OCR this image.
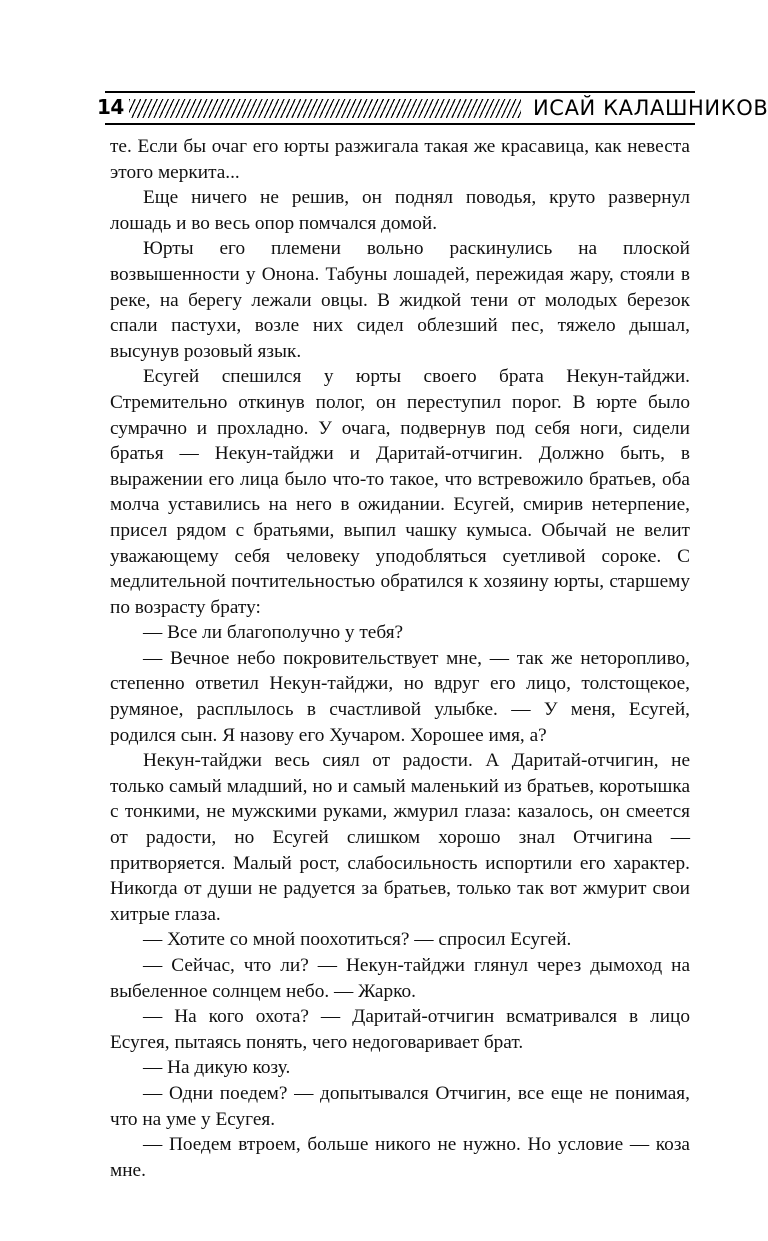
14	ИСАЙ КАЛАШНИКОВ

те. Если бы очаг его юрты разжигала такая же красавица, как невеста этого меркита...

Еще ничего не решив, он поднял поводья, круто развернул лошадь и во весь опор помчался домой.

Юрты его племени вольно раскинулись на плоской возвышенности у Онона. Табуны лошадей, пережидая жару, стояли в реке, на берегу лежали овцы. В жидкой тени от молодых березок спали пастухи, возле них сидел облезший пес, тяжело дышал, высунув розовый язык.

Есугей спешился у юрты своего брата Некун-тайджи. Стремительно откинув полог, он переступил порог. В юрте было сумрачно и прохладно. У очага, подвернув под себя ноги, сидели братья — Некун-тайджи и Даритай-отчигин. Должно быть, в выражении его лица было что-то такое, что встревожило братьев, оба молча уставились на него в ожидании. Есугей, смирив нетерпение, присел рядом с братьями, выпил чашку кумыса. Обычай не велит уважающему себя человеку уподобляться суетливой сороке. С медлительной почтительностью обратился к хозяину юрты, старшему по возрасту брату:

— Все ли благополучно у тебя?

— Вечное небо покровительствует мне, — так же неторопливо, степенно ответил Некун-тайджи, но вдруг его лицо, толстощекое, румяное, расплылось в счастливой улыбке. — У меня, Есугей, родился сын. Я назову его Хучаром. Хорошее имя, а?

Некун-тайджи весь сиял от радости. А Даритай-отчигин, не только самый младший, но и самый маленький из братьев, коротышка с тонкими, не мужскими руками, жмурил глаза: казалось, он смеется от радости, но Есугей слишком хорошо знал Отчигина — притворяется. Малый рост, слабосильность испортили его характер. Никогда от души не радуется за братьев, только так вот жмурит свои хитрые глаза.

— Хотите со мной поохотиться? — спросил Есугей.

— Сейчас, что ли? — Некун-тайджи глянул через дымоход на выбеленное солнцем небо. — Жарко.

— На кого охота? — Даритай-отчигин всматривался в лицо Есугея, пытаясь понять, чего недоговаривает брат.

— На дикую козу.

— Одни поедем? — допытывался Отчигин, все еще не понимая, что на уме у Есугея.

— Поедем втроем, больше никого не нужно. Но условие — коза мне.
